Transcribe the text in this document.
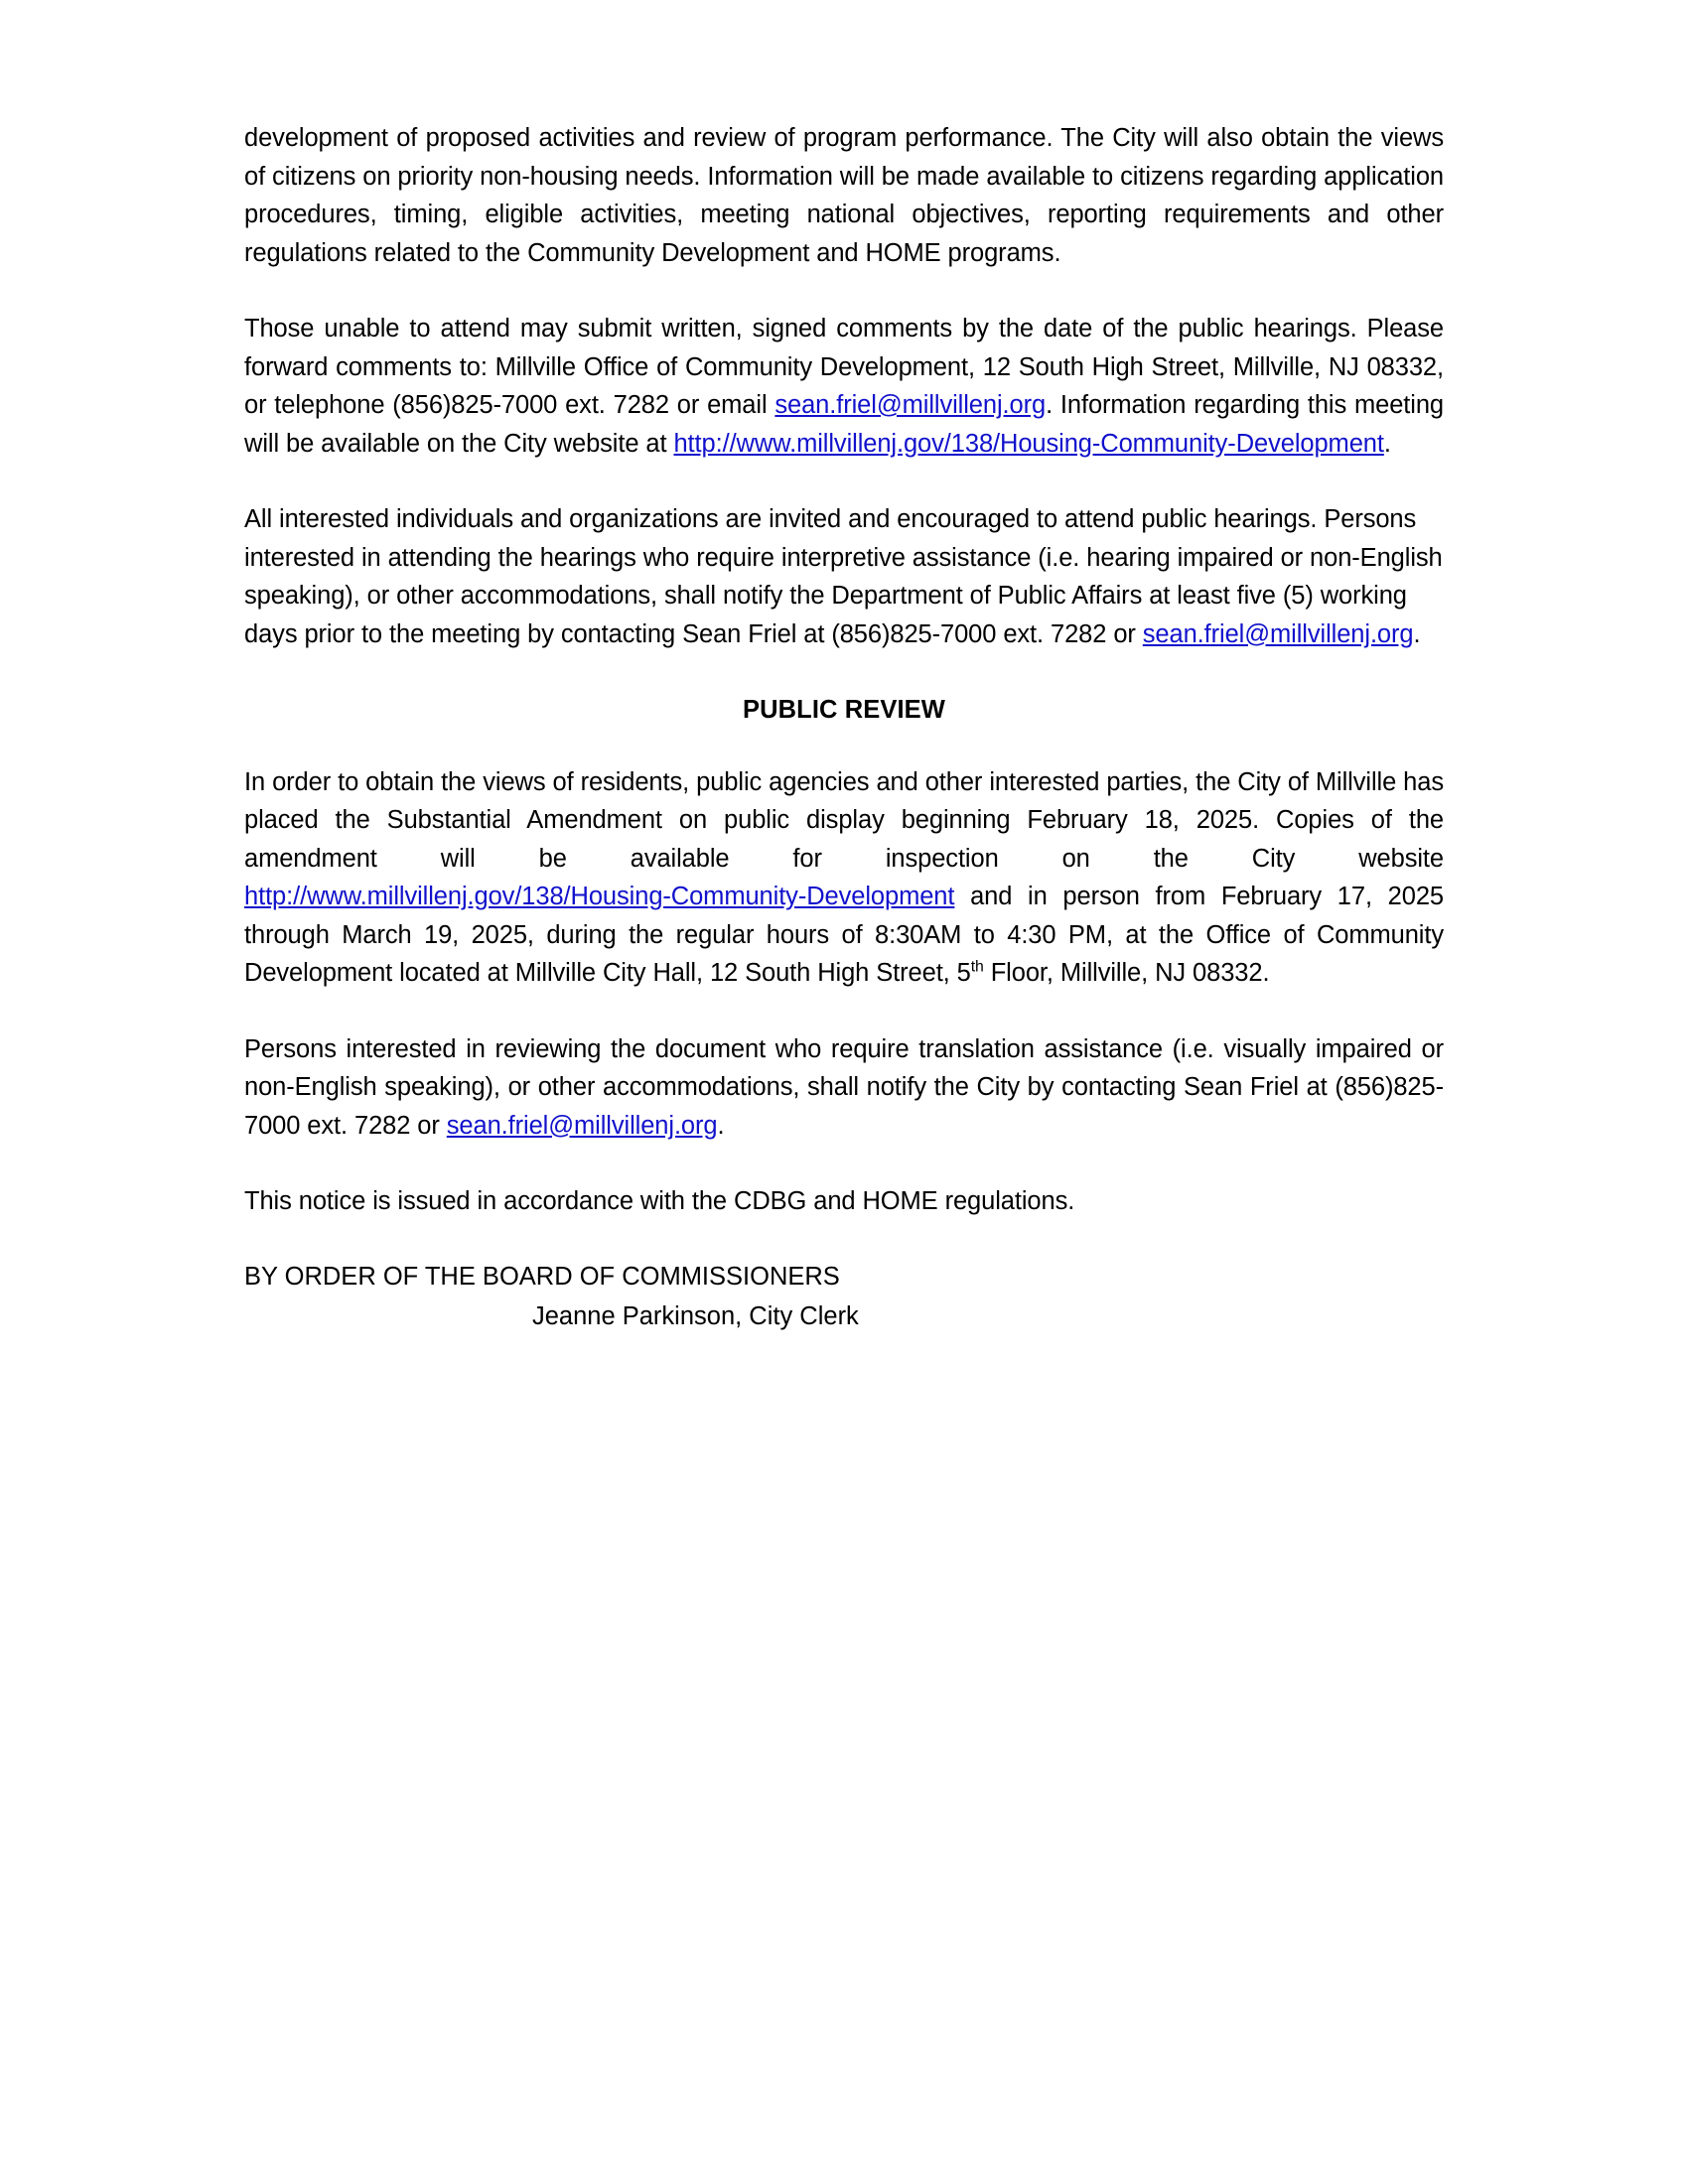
development of proposed activities and review of program performance. The City will also obtain the views of citizens on priority non-housing needs. Information will be made available to citizens regarding application procedures, timing, eligible activities, meeting national objectives, reporting requirements and other regulations related to the Community Development and HOME programs.

Those unable to attend may submit written, signed comments by the date of the public hearings. Please forward comments to: Millville Office of Community Development, 12 South High Street, Millville, NJ 08332, or telephone (856)825-7000 ext. 7282 or email sean.friel@millvillenj.org. Information regarding this meeting will be available on the City website at http://www.millvillenj.gov/138/Housing-Community-Development.

All interested individuals and organizations are invited and encouraged to attend public hearings. Persons interested in attending the hearings who require interpretive assistance (i.e. hearing impaired or non-English speaking), or other accommodations, shall notify the Department of Public Affairs at least five (5) working days prior to the meeting by contacting Sean Friel at (856)825-7000 ext. 7282 or sean.friel@millvillenj.org.

PUBLIC REVIEW

In order to obtain the views of residents, public agencies and other interested parties, the City of Millville has placed the Substantial Amendment on public display beginning February 18, 2025. Copies of the amendment will be available for inspection on the City website http://www.millvillenj.gov/138/Housing-Community-Development and in person from February 17, 2025 through March 19, 2025, during the regular hours of 8:30AM to 4:30 PM, at the Office of Community Development located at Millville City Hall, 12 South High Street, 5th Floor, Millville, NJ 08332.

Persons interested in reviewing the document who require translation assistance (i.e. visually impaired or non-English speaking), or other accommodations, shall notify the City by contacting Sean Friel at (856)825-7000 ext. 7282 or sean.friel@millvillenj.org.

This notice is issued in accordance with the CDBG and HOME regulations.

BY ORDER OF THE BOARD OF COMMISSIONERS

Jeanne Parkinson, City Clerk
